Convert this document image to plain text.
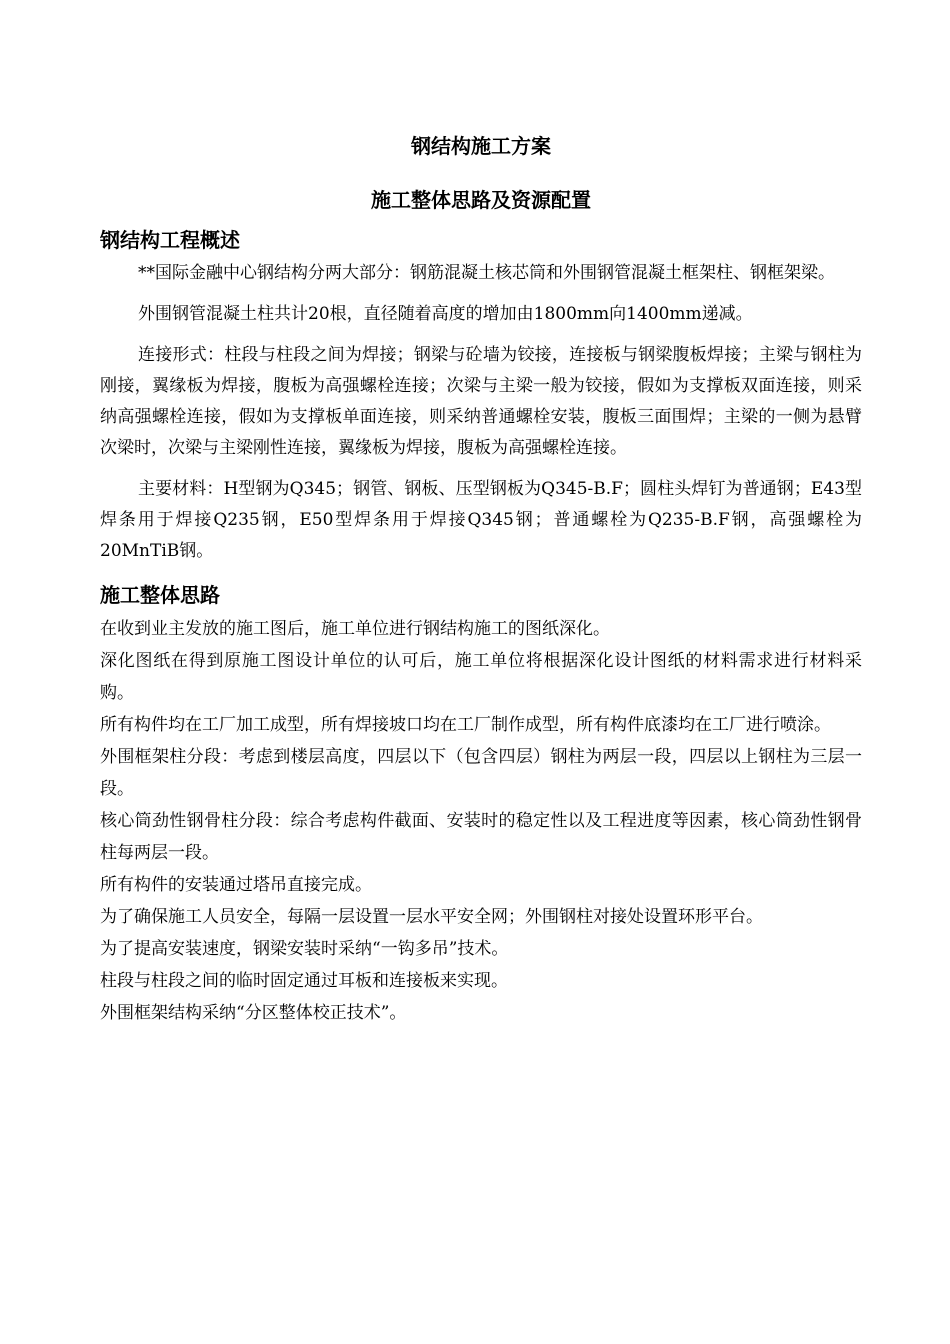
钢结构施工方案
施工整体思路及资源配置
钢结构工程概述

**国际金融中心钢结构分两大部分：钢筋混凝土核芯筒和外围钢管混凝土框架柱、钢框架梁。

外围钢管混凝土柱共计20根，直径随着高度的增加由1800mm向1400mm递减。

连接形式：柱段与柱段之间为焊接；钢梁与砼墙为铰接，连接板与钢梁腹板焊接；主梁与钢柱为刚接，翼缘板为焊接，腹板为高强螺栓连接；次梁与主梁一般为铰接，假如为支撑板双面连接，则采纳高强螺栓连接，假如为支撑板单面连接，则采纳普通螺栓安装，腹板三面围焊；主梁的一侧为悬臂次梁时，次梁与主梁刚性连接，翼缘板为焊接，腹板为高强螺栓连接。

主要材料：H型钢为Q345；钢管、钢板、压型钢板为Q345-B.F；圆柱头焊钉为普通钢；E43型焊条用于焊接Q235钢，E50型焊条用于焊接Q345钢；普通螺栓为Q235-B.F钢，高强螺栓为20MnTiB钢。

施工整体思路

在收到业主发放的施工图后，施工单位进行钢结构施工的图纸深化。

深化图纸在得到原施工图设计单位的认可后，施工单位将根据深化设计图纸的材料需求进行材料采购。

所有构件均在工厂加工成型，所有焊接坡口均在工厂制作成型，所有构件底漆均在工厂进行喷涂。

外围框架柱分段：考虑到楼层高度，四层以下（包含四层）钢柱为两层一段，四层以上钢柱为三层一段。

核心筒劲性钢骨柱分段：综合考虑构件截面、安装时的稳定性以及工程进度等因素，核心筒劲性钢骨柱每两层一段。

所有构件的安装通过塔吊直接完成。

为了确保施工人员安全，每隔一层设置一层水平安全网；外围钢柱对接处设置环形平台。

为了提高安装速度，钢梁安装时采纳“一钩多吊”技术。

柱段与柱段之间的临时固定通过耳板和连接板来实现。

外围框架结构采纳“分区整体校正技术”。
